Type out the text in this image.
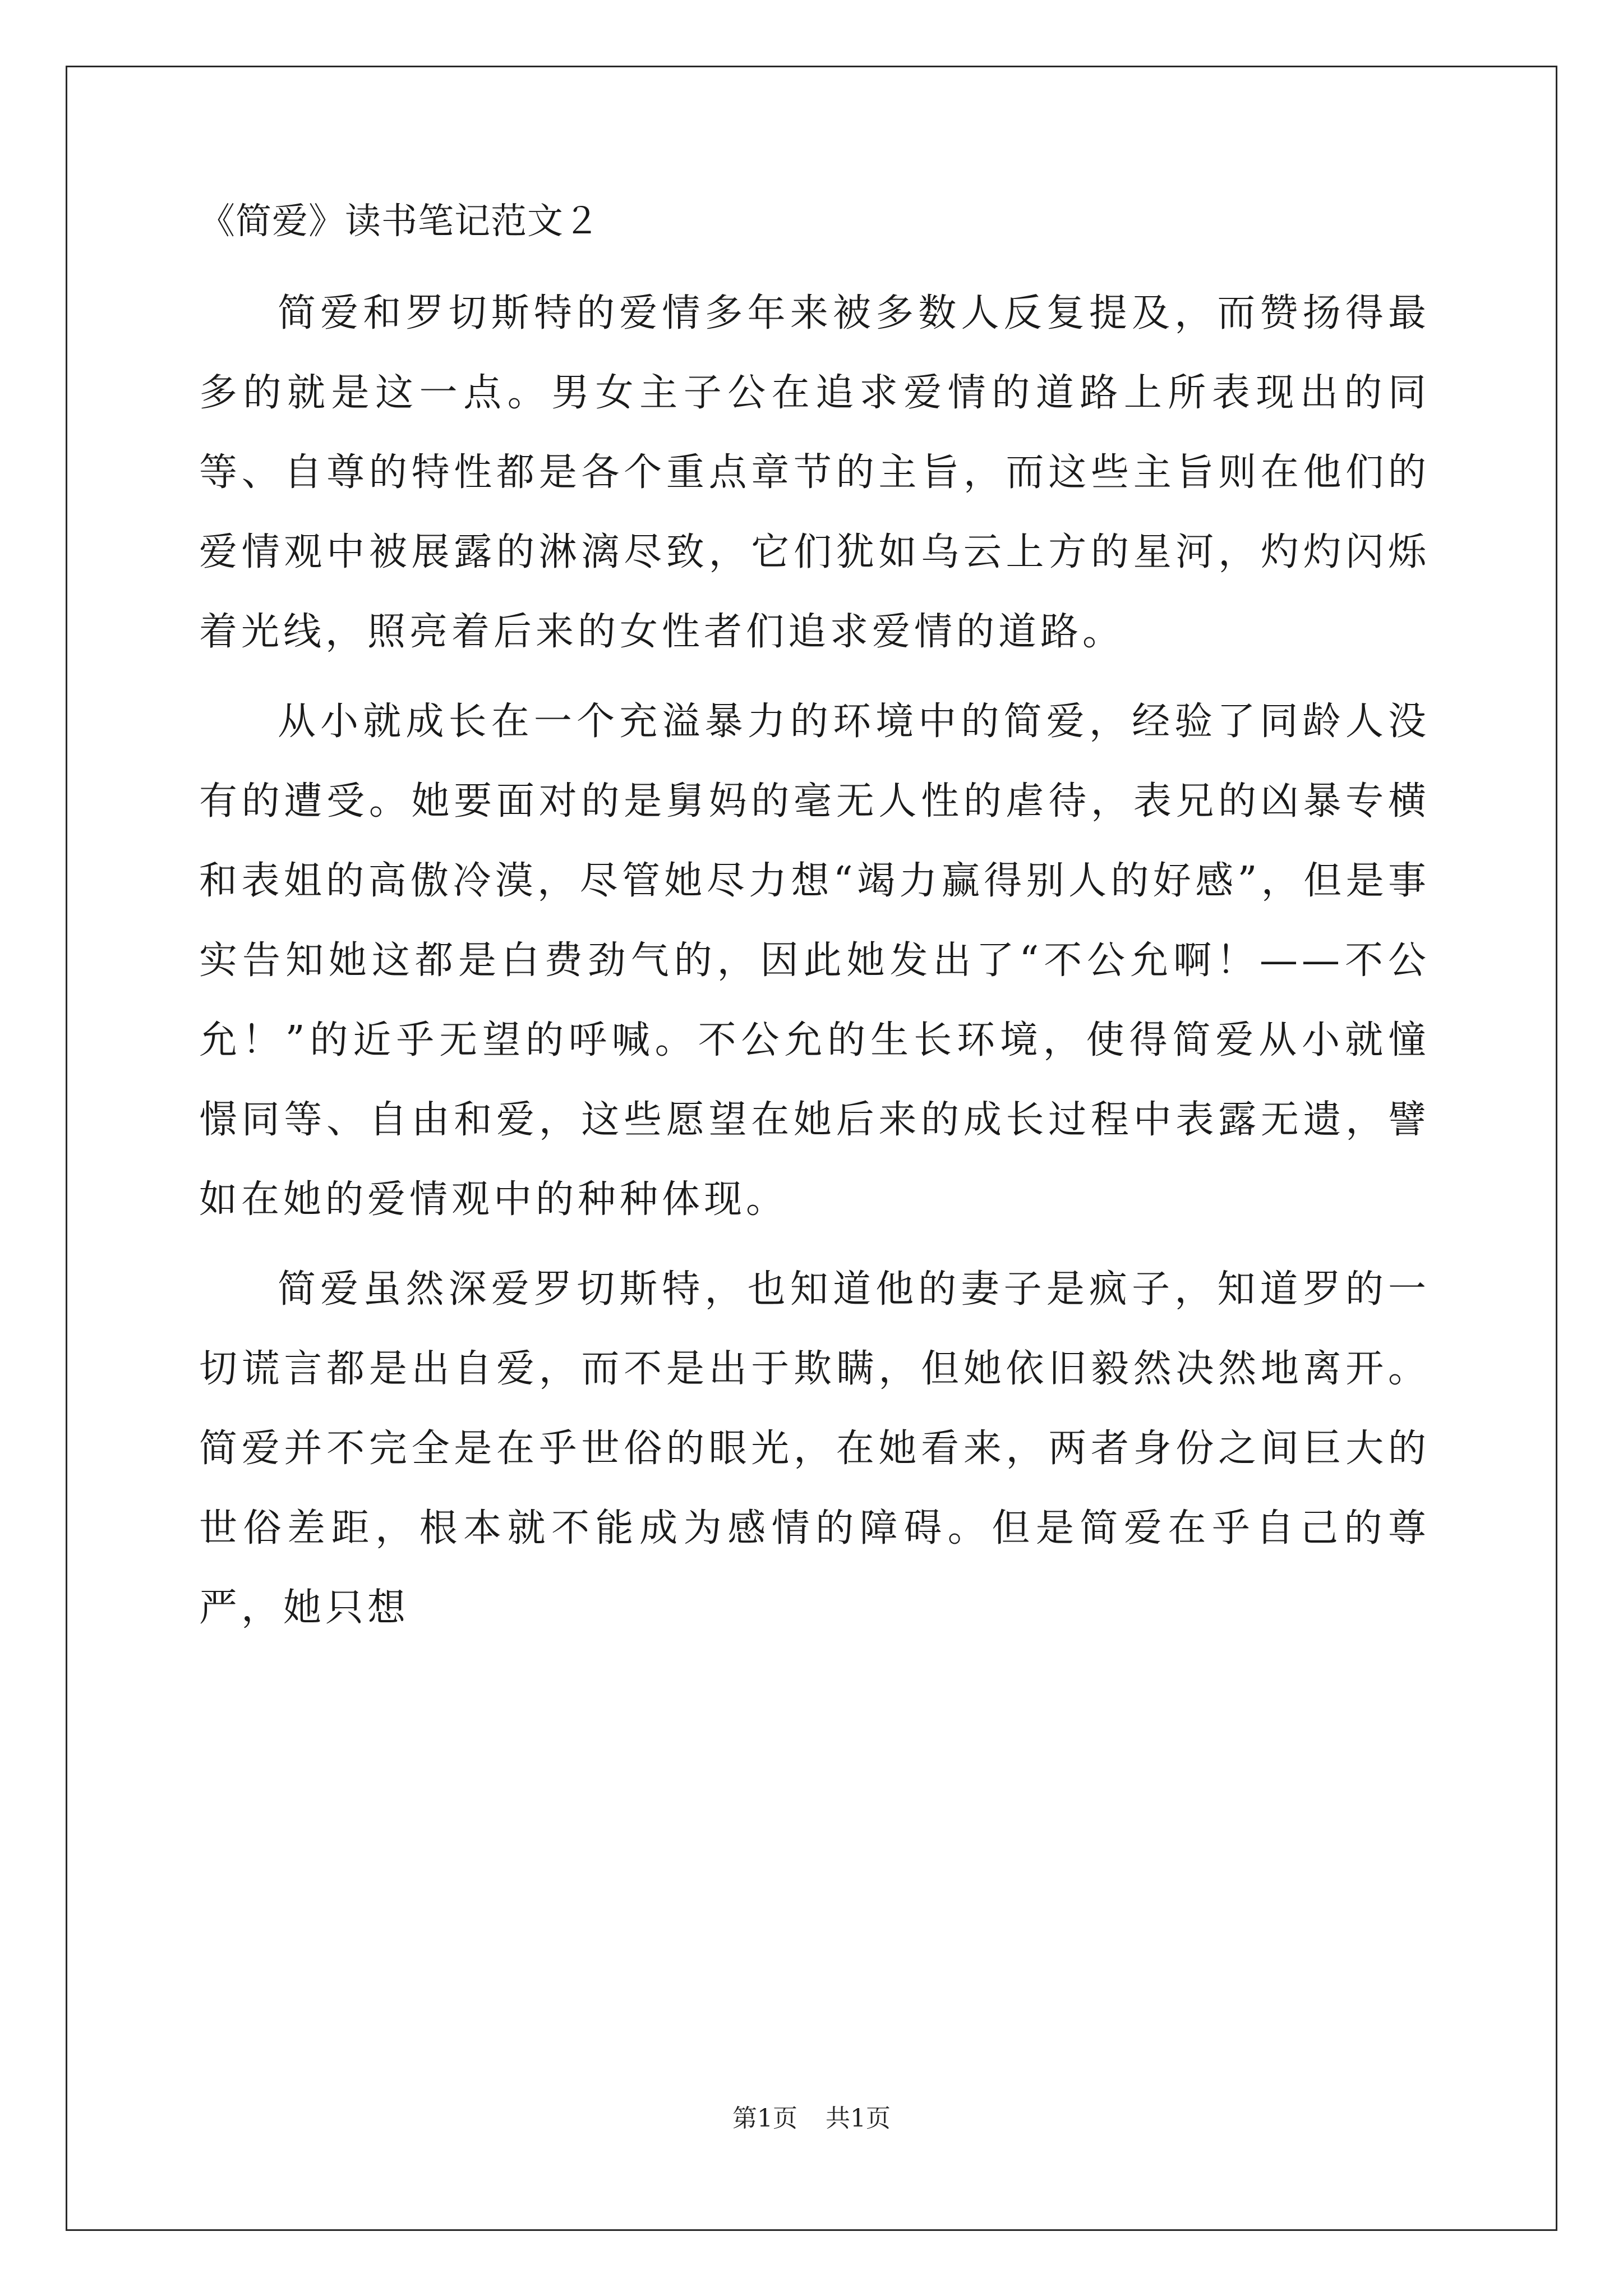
《简爱》读书笔记范文２

简爱和罗切斯特的爱情多年来被多数人反复提及，而赞扬得最多的就是这一点。男女主子公在追求爱情的道路上所表现出的同等、自尊的特性都是各个重点章节的主旨，而这些主旨则在他们的爱情观中被展露的淋漓尽致，它们犹如乌云上方的星河，灼灼闪烁着光线，照亮着后来的女性者们追求爱情的道路。

从小就成长在一个充溢暴力的环境中的简爱，经验了同龄人没有的遭受。她要面对的是舅妈的毫无人性的虐待，表兄的凶暴专横和表姐的高傲冷漠，尽管她尽力想“竭力赢得别人的好感”，但是事实告知她这都是白费劲气的，因此她发出了“不公允啊！——不公允！”的近乎无望的呼喊。不公允的生长环境，使得简爱从小就憧憬同等、自由和爱，这些愿望在她后来的成长过程中表露无遗，譬如在她的爱情观中的种种体现。

简爱虽然深爱罗切斯特，也知道他的妻子是疯子，知道罗的一切谎言都是出自爱，而不是出于欺瞒，但她依旧毅然决然地离开。简爱并不完全是在乎世俗的眼光，在她看来，两者身份之间巨大的世俗差距，根本就不能成为感情的障碍。但是简爱在乎自己的尊严，她只想

第1页 共1页
